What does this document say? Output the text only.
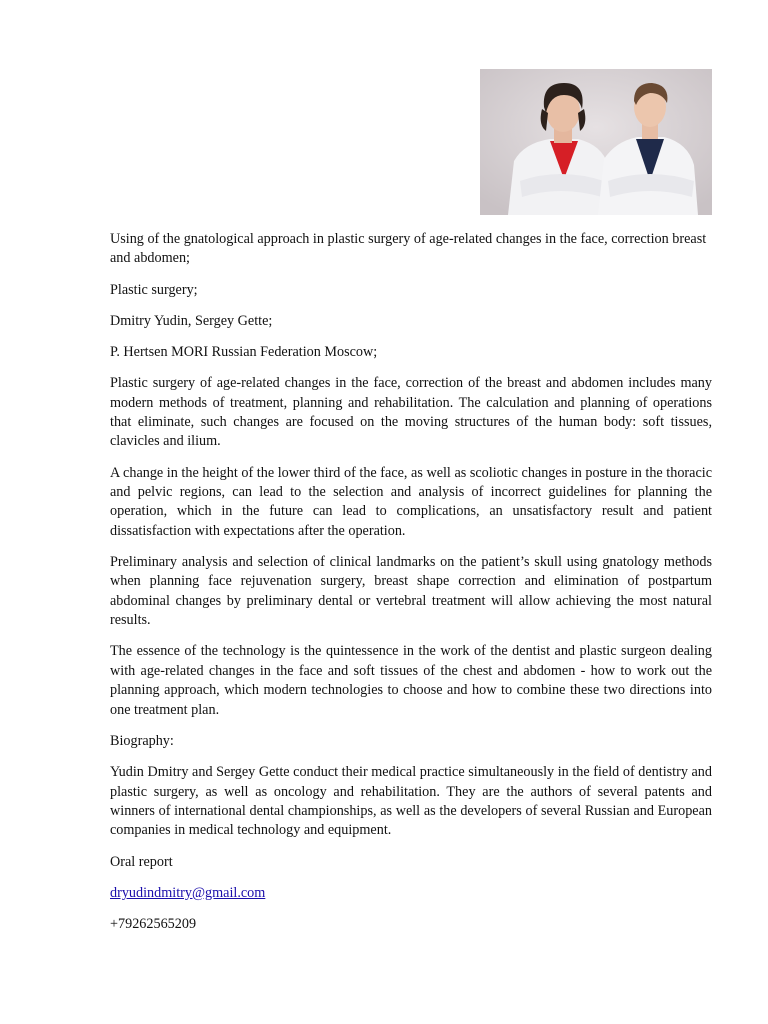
Using of the gnatological approach in plastic surgery of age-related changes in the face, correction breast and abdomen;

Plastic surgery;

Dmitry Yudin, Sergey Gette;

P. Hertsen MORI Russian Federation Moscow;

Plastic surgery of age-related changes in the face, correction of the breast and abdomen includes many modern methods of treatment, planning and rehabilitation. The calculation and planning of operations that eliminate, such changes are focused on the moving structures of the human body: soft tissues, clavicles and ilium.

A change in the height of the lower third of the face, as well as scoliotic changes in posture in the thoracic and pelvic regions, can lead to the selection and analysis of incorrect guidelines for planning the operation, which in the future can lead to complications, an unsatisfactory result and patient dissatisfaction with expectations after the operation.

Preliminary analysis and selection of clinical landmarks on the patient’s skull using gnatology methods when planning face rejuvenation surgery, breast shape correction and elimination of postpartum abdominal changes by preliminary dental or vertebral treatment will allow achieving the most natural results.

The essence of the technology is the quintessence in the work of the dentist and plastic surgeon dealing with age-related changes in the face and soft tissues of the chest and abdomen - how to work out the planning approach, which modern technologies to choose and how to combine these two directions into one treatment plan.

Biography:

Yudin Dmitry and Sergey Gette conduct their medical practice simultaneously in the field of dentistry and plastic surgery, as well as oncology and rehabilitation. They are the authors of several patents and winners of international dental championships, as well as the developers of several Russian and European companies in medical technology and equipment.

Oral report

dryudindmitry@gmail.com

+79262565209
